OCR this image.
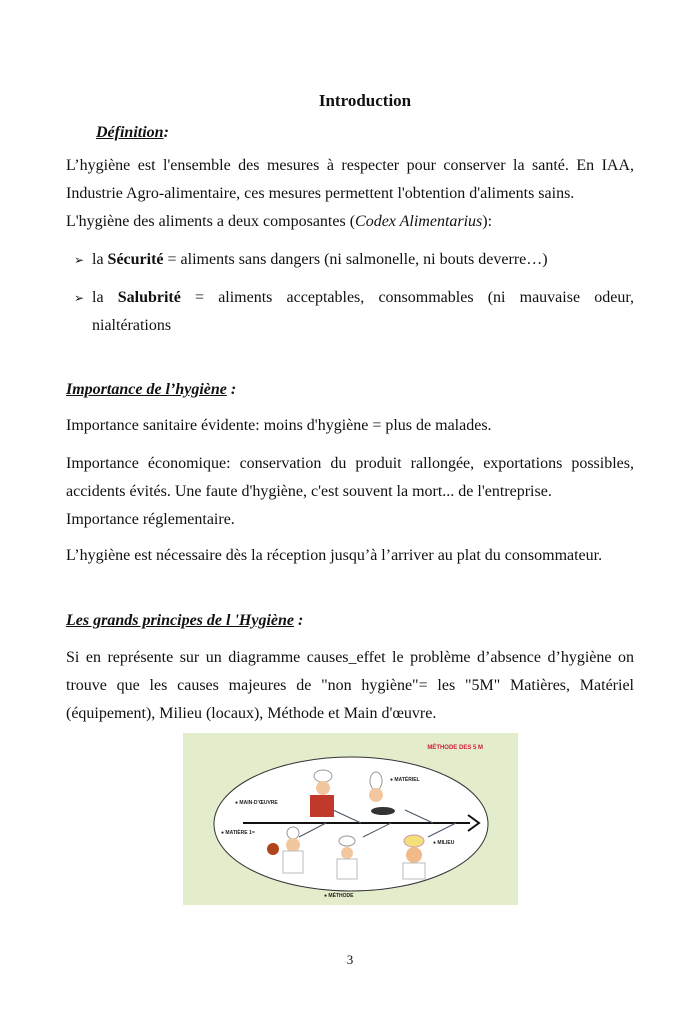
Introduction
Définition:
L’hygiène est l'ensemble des mesures à respecter pour conserver la santé. En IAA,
Industrie Agro-alimentaire, ces mesures permettent l'obtention d'aliments sains.
L'hygiène des aliments a deux composantes (Codex Alimentarius):
➢ la Sécurité = aliments sans dangers (ni salmonelle, ni bouts deverre…)
➢ la Salubrité = aliments acceptables, consommables (ni mauvaise odeur,
nialtérations
Importance de l’hygiène :
Importance sanitaire évidente: moins d'hygiène = plus de malades.
Importance économique: conservation du produit rallongée, exportations possibles,
accidents évités. Une faute d'hygiène, c'est souvent la mort... de l'entreprise.
Importance réglementaire.
L’hygiène est nécessaire dès la réception jusqu’à l’arriver au plat du consommateur.
Les grands principes de l 'Hygiène :
Si en représente sur un diagramme causes_effet le problème d’absence d’hygiène on
trouve que les causes majeures de "non hygiène"= les "5M" Matières, Matériel
(équipement), Milieu (locaux), Méthode et Main d'œuvre.
MÉTHODE DES 5 M
● MAIN-D’ŒUVRE
● MATÉRIEL
● MATIÈRE 1ʳᵉ
● MILIEU
● MÉTHODE
3
